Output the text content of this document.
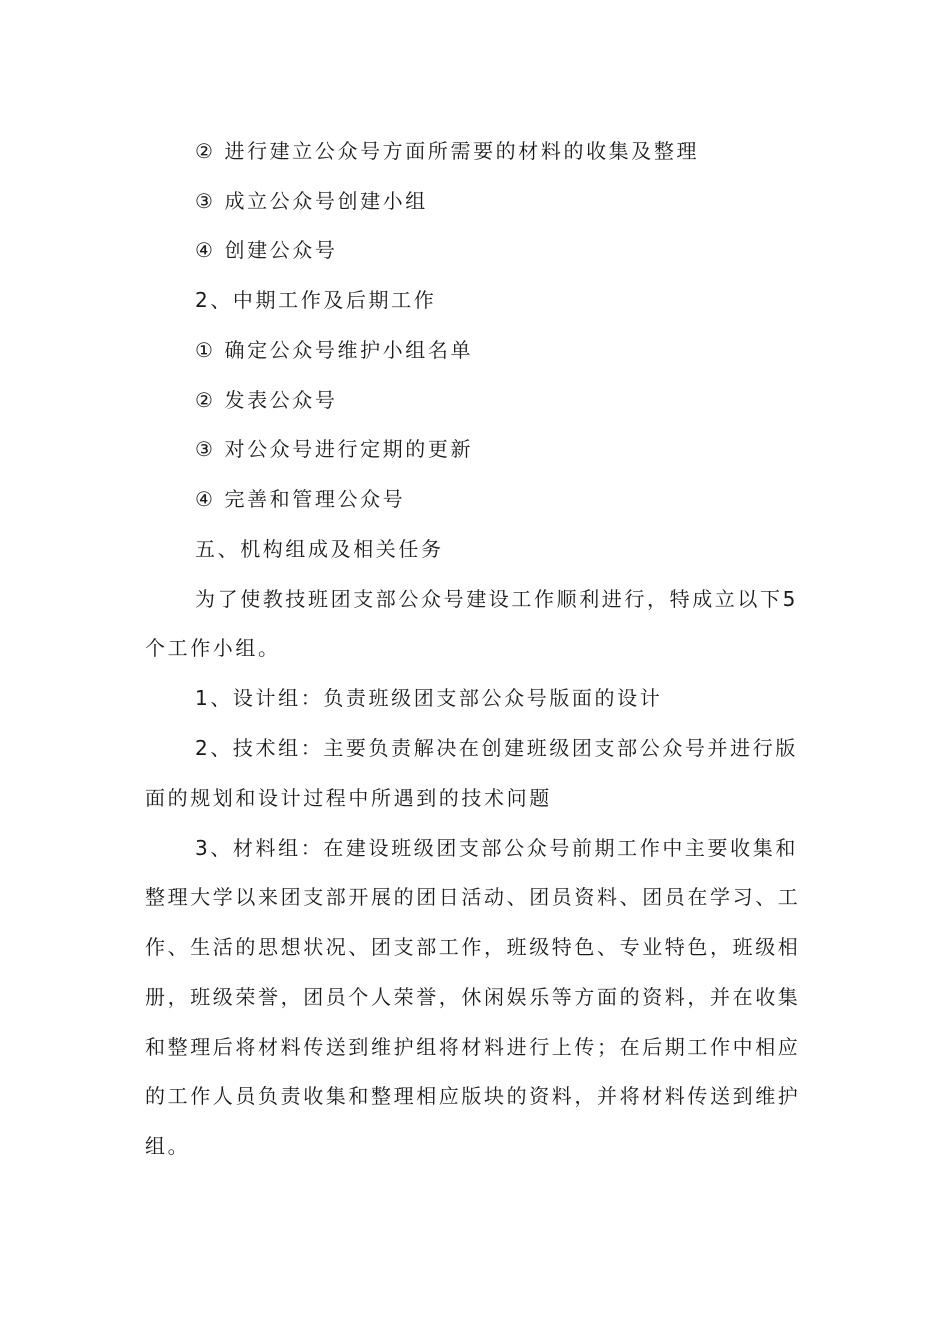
② 进行建立公众号方面所需要的材料的收集及整理
③ 成立公众号创建小组
④ 创建公众号
2、中期工作及后期工作
① 确定公众号维护小组名单
② 发表公众号
③ 对公众号进行定期的更新
④ 完善和管理公众号
五、机构组成及相关任务
为了使教技班团支部公众号建设工作顺利进行，特成立以下5
个工作小组。
1、设计组：负责班级团支部公众号版面的设计
2、技术组：主要负责解决在创建班级团支部公众号并进行版
面的规划和设计过程中所遇到的技术问题
3、材料组：在建设班级团支部公众号前期工作中主要收集和
整理大学以来团支部开展的团日活动、团员资料、团员在学习、工
作、生活的思想状况、团支部工作，班级特色、专业特色，班级相
册，班级荣誉，团员个人荣誉，休闲娱乐等方面的资料，并在收集
和整理后将材料传送到维护组将材料进行上传；在后期工作中相应
的工作人员负责收集和整理相应版块的资料，并将材料传送到维护
组。
